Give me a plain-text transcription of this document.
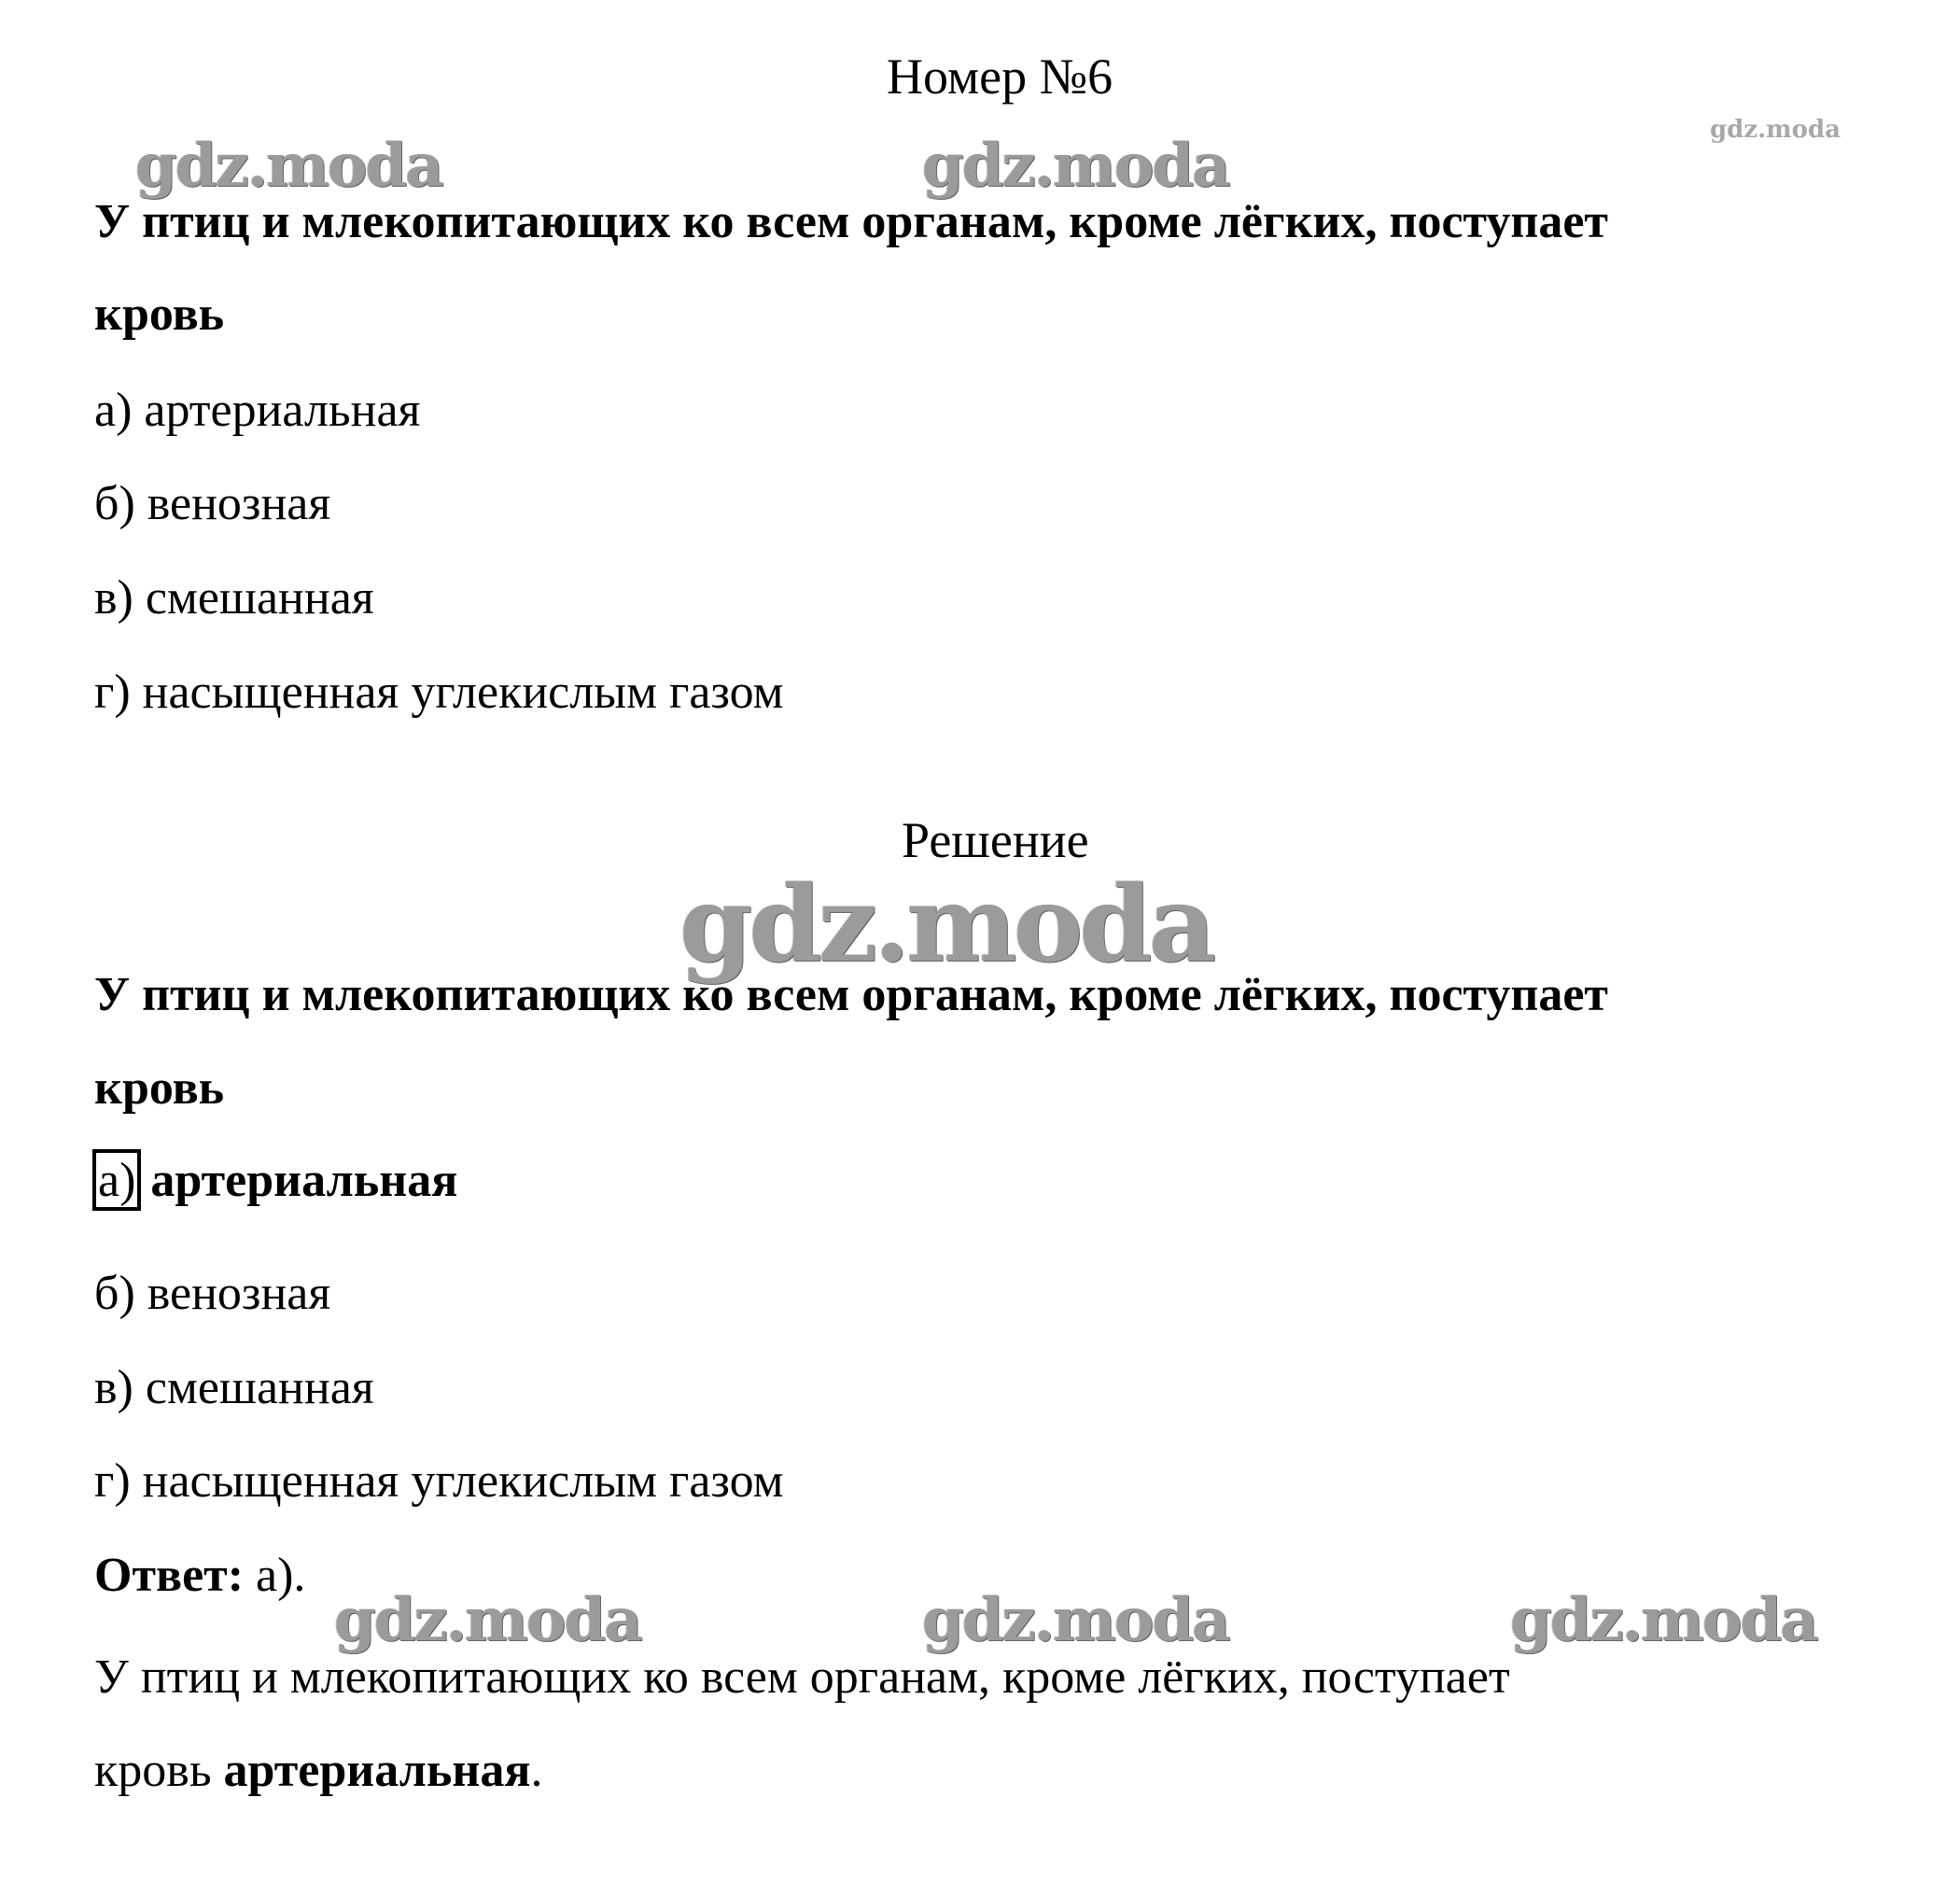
Номер №6
gdz.moda
gdz.moda	gdz.moda
У птиц и млекопитающих ко всем органам, кроме лёгких, поступает
кровь
а) артериальная
б) венозная
в) смешанная
г) насыщенная углекислым газом
Решение
gdz.moda
У птиц и млекопитающих ко всем органам, кроме лёгких, поступает
кровь
а) артериальная
б) венозная
в) смешанная
г) насыщенная углекислым газом
Ответ: а).
gdz.moda	gdz.moda	gdz.moda
У птиц и млекопитающих ко всем органам, кроме лёгких, поступает
кровь артериальная.
